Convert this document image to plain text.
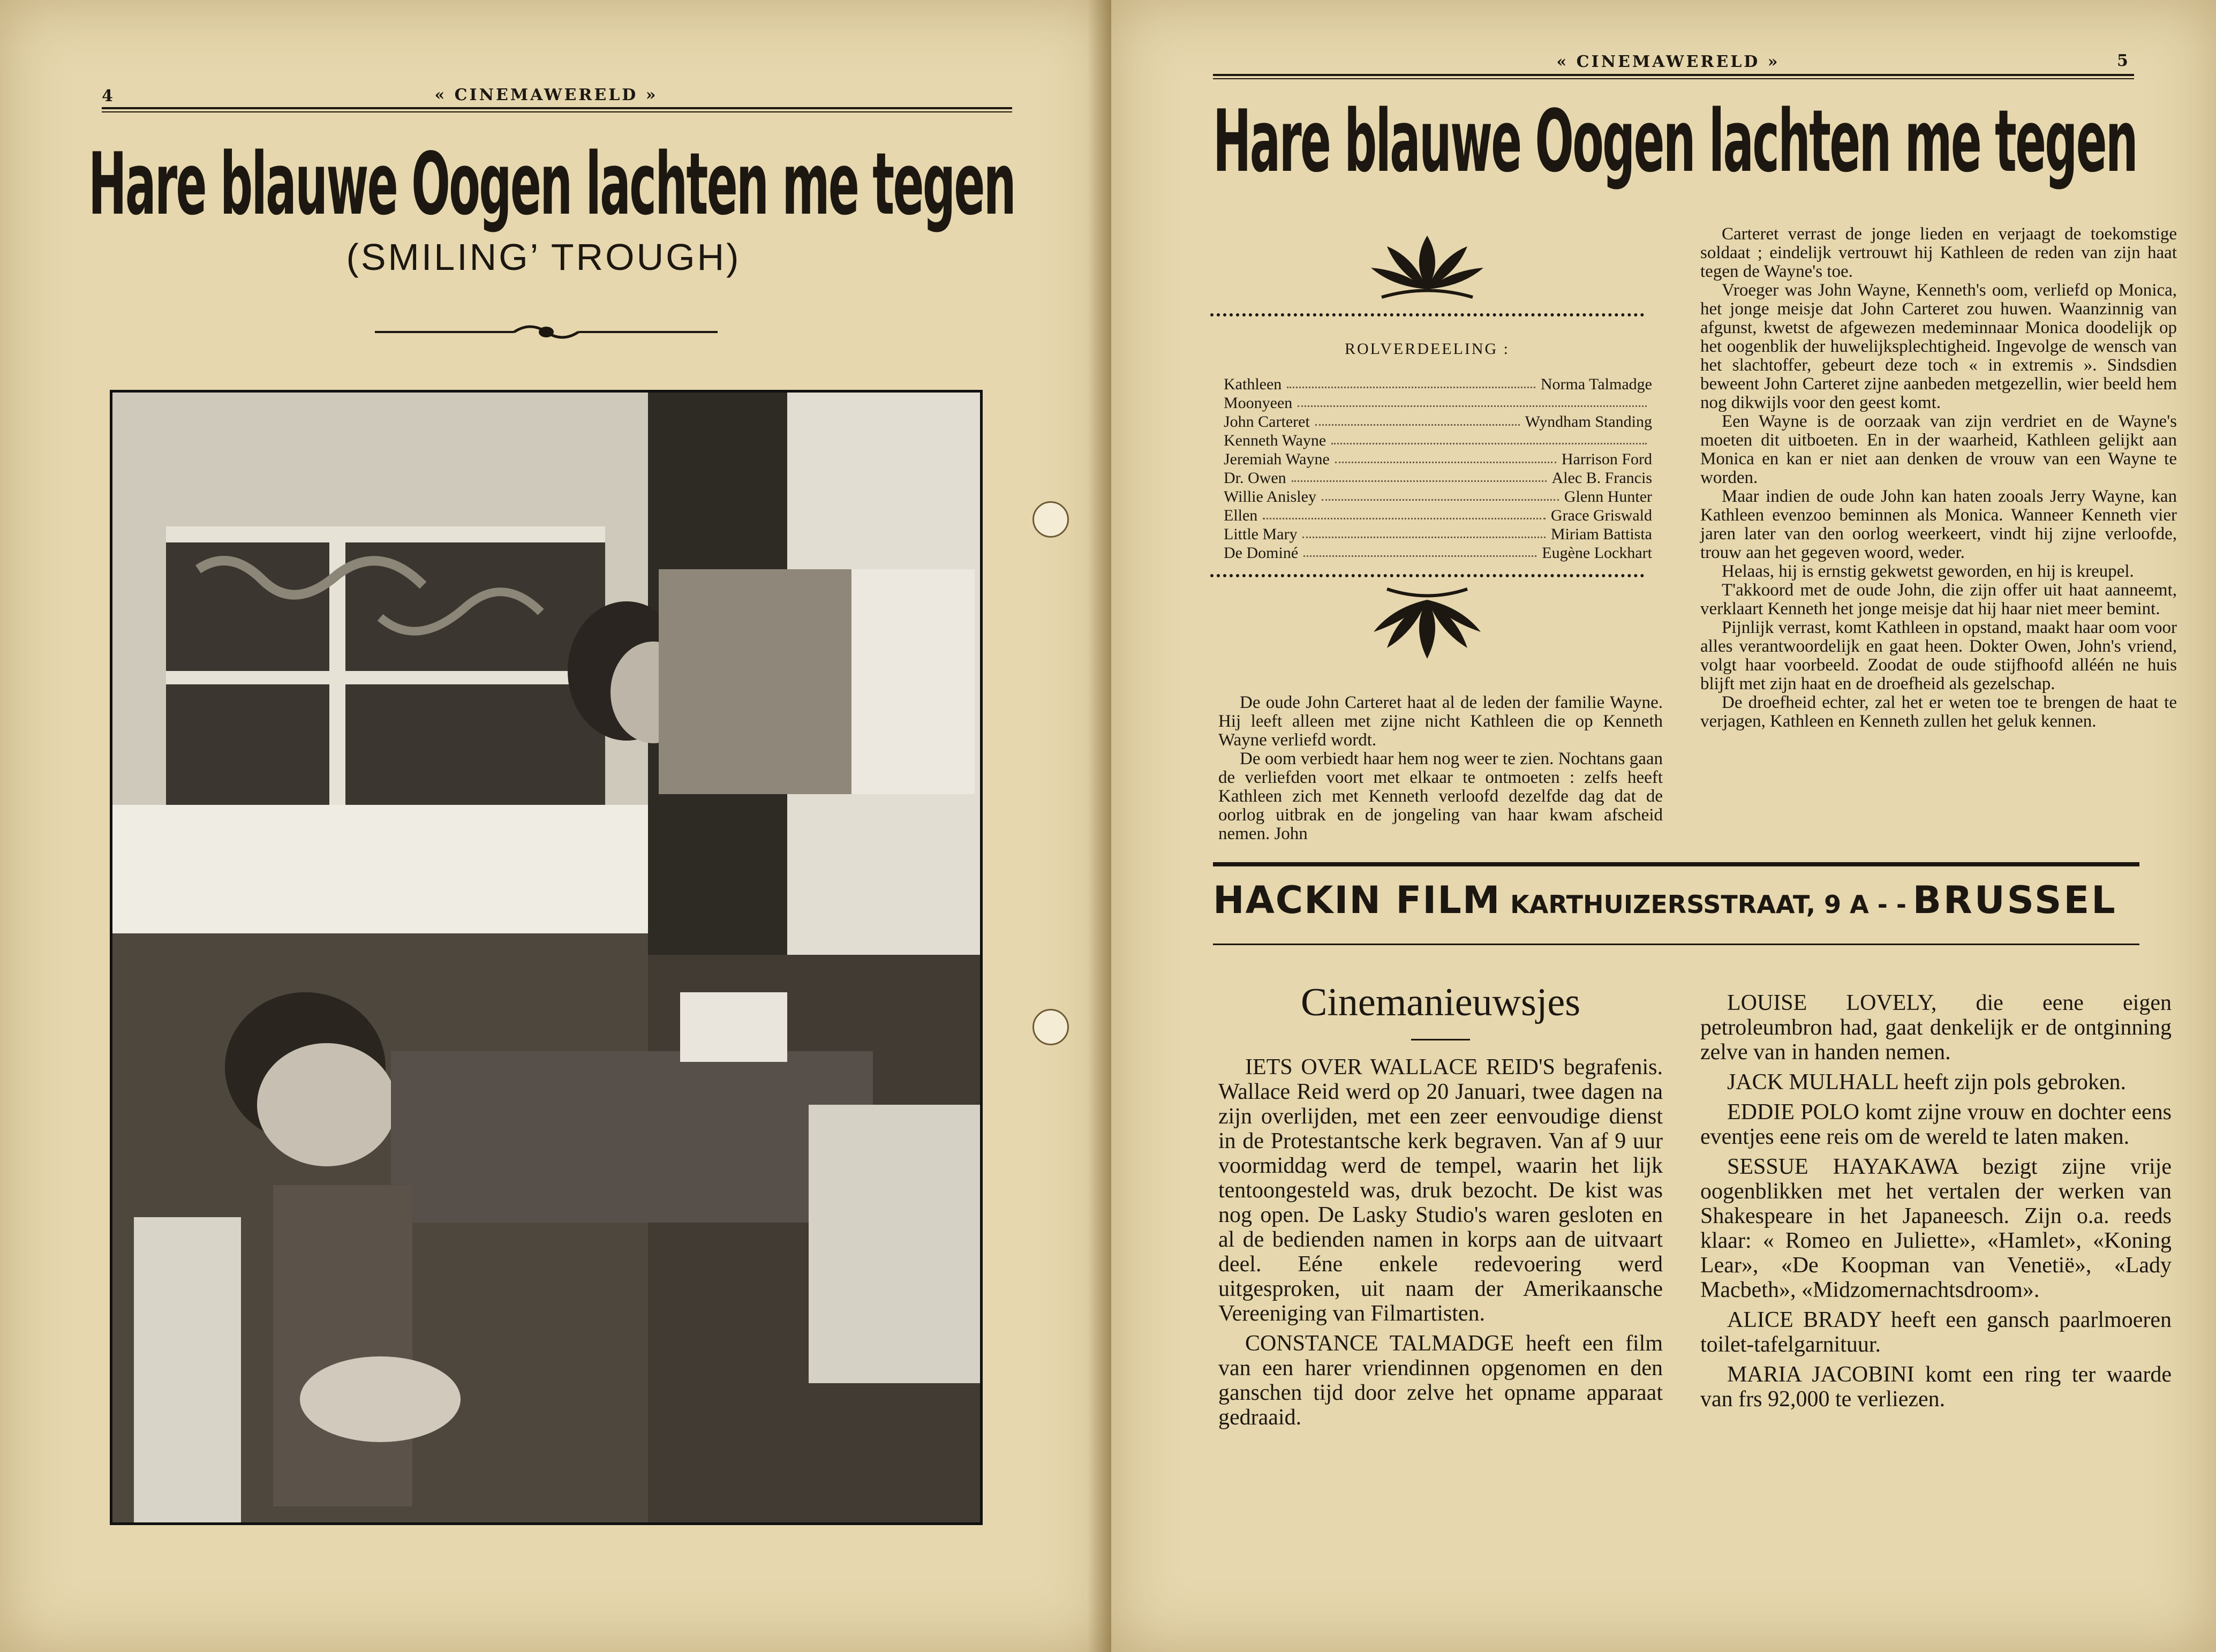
4	« CINEMAWERELD »
Hare blauwe Oogen lachten me tegen
(SMILING’ TROUGH)
« CINEMAWERELD »	5
Hare blauwe Oogen lachten me tegen
ROLVERDEELING :
Kathleen	Norma Talmadge
Moonyeen
John Carteret	Wyndham Standing
Kenneth Wayne
Jeremiah Wayne	Harrison Ford
Dr. Owen	Alec B. Francis
Willie Anisley	Glenn Hunter
Ellen	Grace Griswald
Little Mary	Miriam Battista
De Dominé	Eugène Lockhart

De oude John Carteret haat al de leden der familie Wayne. Hij leeft alleen met zijne nicht Kathleen die op Kenneth Wayne verliefd wordt.

De oom verbiedt haar hem nog weer te zien. Nochtans gaan de verliefden voort met elkaar te ontmoeten : zelfs heeft Kathleen zich met Kenneth verloofd dezelfde dag dat de oorlog uitbrak en de jongeling van haar kwam afscheid nemen. John

Carteret verrast de jonge lieden en verjaagt de toekomstige soldaat ; eindelijk vertrouwt hij Kathleen de reden van zijn haat tegen de Wayne's toe.

Vroeger was John Wayne, Kenneth's oom, verliefd op Monica, het jonge meisje dat John Carteret zou huwen. Waanzinnig van afgunst, kwetst de afgewezen medeminnaar Monica doodelijk op het oogenblik der huwelijksplechtigheid. Ingevolge de wensch van het slachtoffer, gebeurt deze toch « in extremis ». Sindsdien beweent John Carteret zijne aanbeden metgezellin, wier beeld hem nog dikwijls voor den geest komt.

Een Wayne is de oorzaak van zijn verdriet en de Wayne's moeten dit uitboeten. En in der waarheid, Kathleen gelijkt aan Monica en kan er niet aan denken de vrouw van een Wayne te worden.

Maar indien de oude John kan haten zooals Jerry Wayne, kan Kathleen evenzoo beminnen als Monica. Wanneer Kenneth vier jaren later van den oorlog weerkeert, vindt hij zijne verloofde, trouw aan het gegeven woord, weder.

Helaas, hij is ernstig gekwetst geworden, en hij is kreupel.

T'akkoord met de oude John, die zijn offer uit haat aanneemt, verklaart Kenneth het jonge meisje dat hij haar niet meer bemint.

Pijnlijk verrast, komt Kathleen in opstand, maakt haar oom voor alles verantwoordelijk en gaat heen. Dokter Owen, John's vriend, volgt haar voorbeeld. Zoodat de oude stijfhoofd alléén ne huis blijft met zijn haat en de droefheid als gezelschap.

De droefheid echter, zal het er weten toe te brengen de haat te verjagen, Kathleen en Kenneth zullen het geluk kennen.

HACKIN FILM KARTHUIZERSSTRAAT, 9 A - - BRUSSEL
Cinemanieuwsjes

IETS OVER WALLACE REID'S begrafenis. Wallace Reid werd op 20 Januari, twee dagen na zijn overlijden, met een zeer eenvoudige dienst in de Protestantsche kerk begraven. Van af 9 uur voormiddag werd de tempel, waarin het lijk tentoongesteld was, druk bezocht. De kist was nog open. De Lasky Studio's waren gesloten en al de bedienden namen in korps aan de uitvaart deel. Eéne enkele redevoering werd uitgesproken, uit naam der Amerikaansche Vereeniging van Filmartisten.

CONSTANCE TALMADGE heeft een film van een harer vriendinnen opgenomen en den ganschen tijd door zelve het opname apparaat gedraaid.

LOUISE LOVELY, die eene eigen petroleumbron had, gaat denkelijk er de ontginning zelve van in handen nemen.

JACK MULHALL heeft zijn pols gebroken.

EDDIE POLO komt zijne vrouw en dochter eens eventjes eene reis om de wereld te laten maken.

SESSUE HAYAKAWA bezigt zijne vrije oogenblikken met het vertalen der werken van Shakespeare in het Japaneesch. Zijn o.a. reeds klaar: « Romeo en Juliette», «Hamlet», «Koning Lear», «De Koopman van Venetië», «Lady Macbeth», «Midzomernachtsdroom».

ALICE BRADY heeft een gansch paarlmoeren toilet-tafelgarnituur.

MARIA JACOBINI komt een ring ter waarde van frs 92,000 te verliezen.
